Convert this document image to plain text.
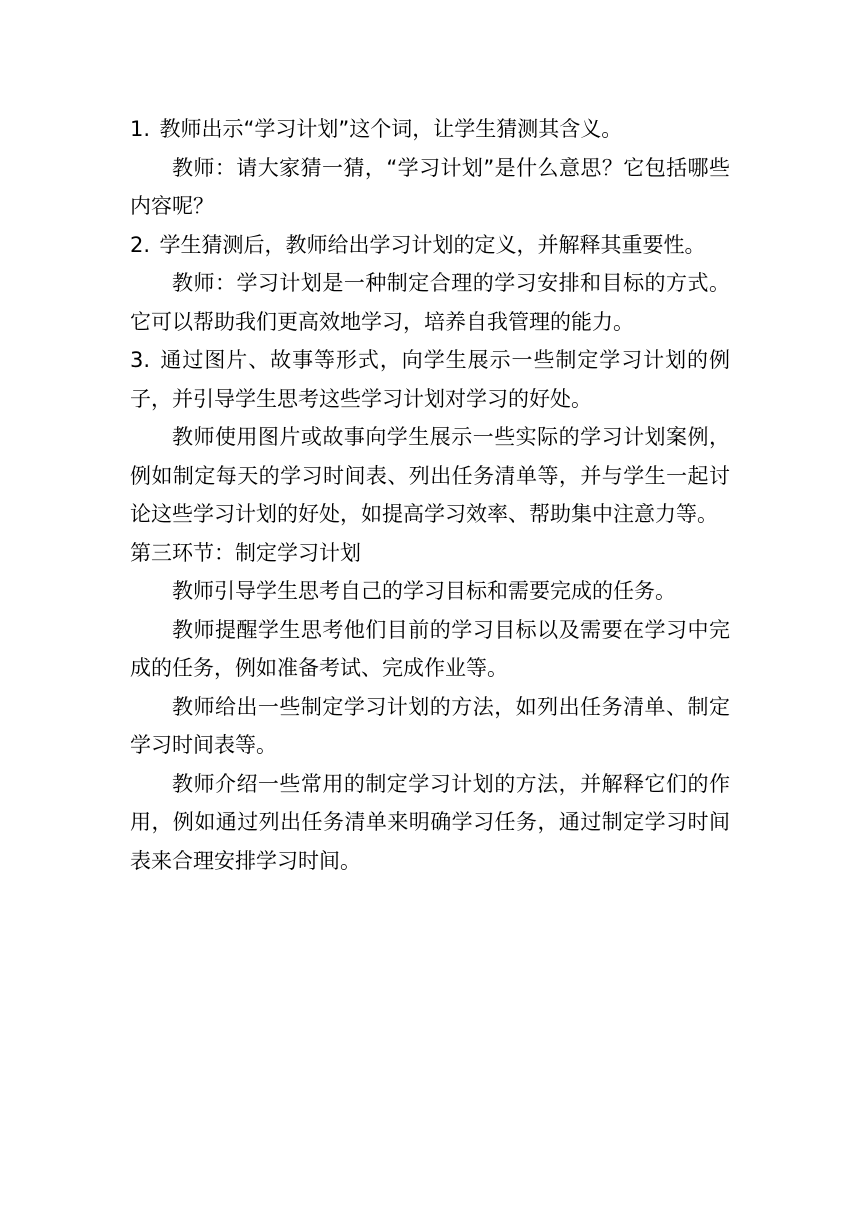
1. 教师出示“学习计划”这个词，让学生猜测其含义。

教师：请大家猜一猜，“学习计划”是什么意思？它包括哪些内容呢？

2. 学生猜测后，教师给出学习计划的定义，并解释其重要性。

教师：学习计划是一种制定合理的学习安排和目标的方式。它可以帮助我们更高效地学习，培养自我管理的能力。

3. 通过图片、故事等形式，向学生展示一些制定学习计划的例子，并引导学生思考这些学习计划对学习的好处。

教师使用图片或故事向学生展示一些实际的学习计划案例，例如制定每天的学习时间表、列出任务清单等，并与学生一起讨论这些学习计划的好处，如提高学习效率、帮助集中注意力等。

第三环节：制定学习计划

教师引导学生思考自己的学习目标和需要完成的任务。

教师提醒学生思考他们目前的学习目标以及需要在学习中完成的任务，例如准备考试、完成作业等。

教师给出一些制定学习计划的方法，如列出任务清单、制定学习时间表等。

教师介绍一些常用的制定学习计划的方法，并解释它们的作用，例如通过列出任务清单来明确学习任务，通过制定学习时间表来合理安排学习时间。
